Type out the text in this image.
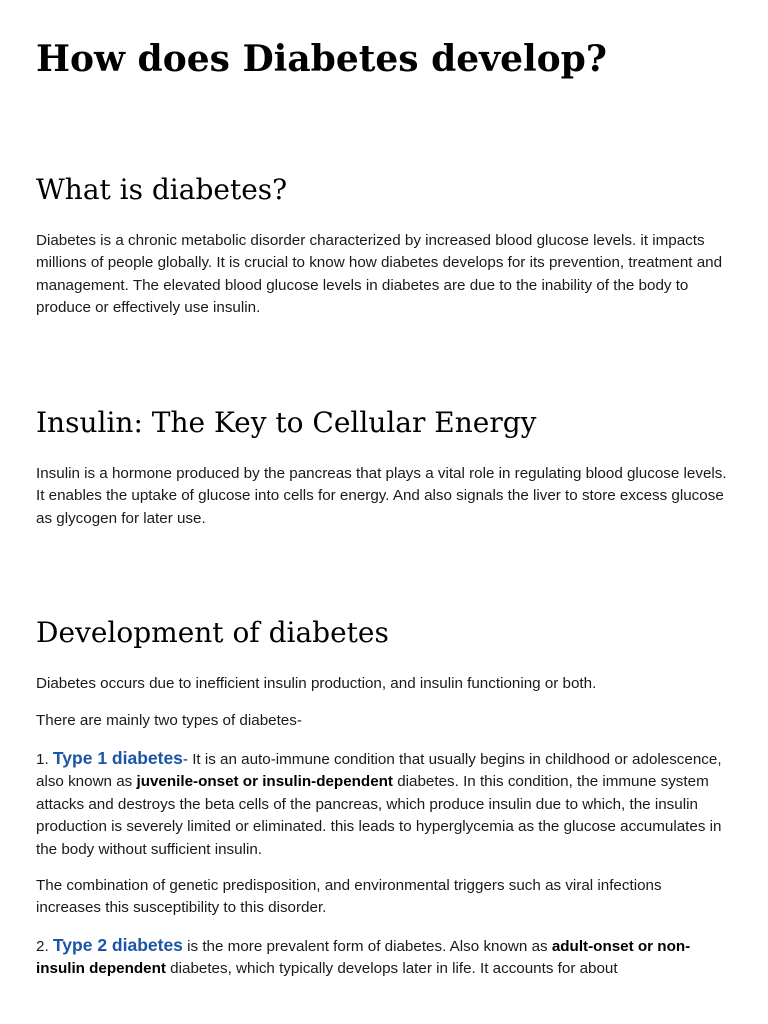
How does Diabetes develop?
What is diabetes?

Diabetes is a chronic metabolic disorder characterized by increased blood glucose levels. it impacts millions of people globally. It is crucial to know how diabetes develops for its prevention, treatment and management. The elevated blood glucose levels in diabetes are due to the inability of the body to produce or effectively use insulin.

Insulin: The Key to Cellular Energy

Insulin is a hormone produced by the pancreas that plays a vital role in regulating blood glucose levels. It enables the uptake of glucose into cells for energy. And also signals the liver to store excess glucose as glycogen for later use.

Development of diabetes

Diabetes occurs due to inefficient insulin production, and insulin functioning or both.

There are mainly two types of diabetes-

1. Type 1 diabetes- It is an auto-immune condition that usually begins in childhood or adolescence, also known as juvenile-onset or insulin-dependent diabetes. In this condition, the immune system attacks and destroys the beta cells of the pancreas, which produce insulin due to which, the insulin production is severely limited or eliminated. this leads to hyperglycemia as the glucose accumulates in the body without sufficient insulin.

The combination of genetic predisposition, and environmental triggers such as viral infections increases this susceptibility to this disorder.

2. Type 2 diabetes is the more prevalent form of diabetes. Also known as adult-onset or non-insulin dependent diabetes, which typically develops later in life. It accounts for about
